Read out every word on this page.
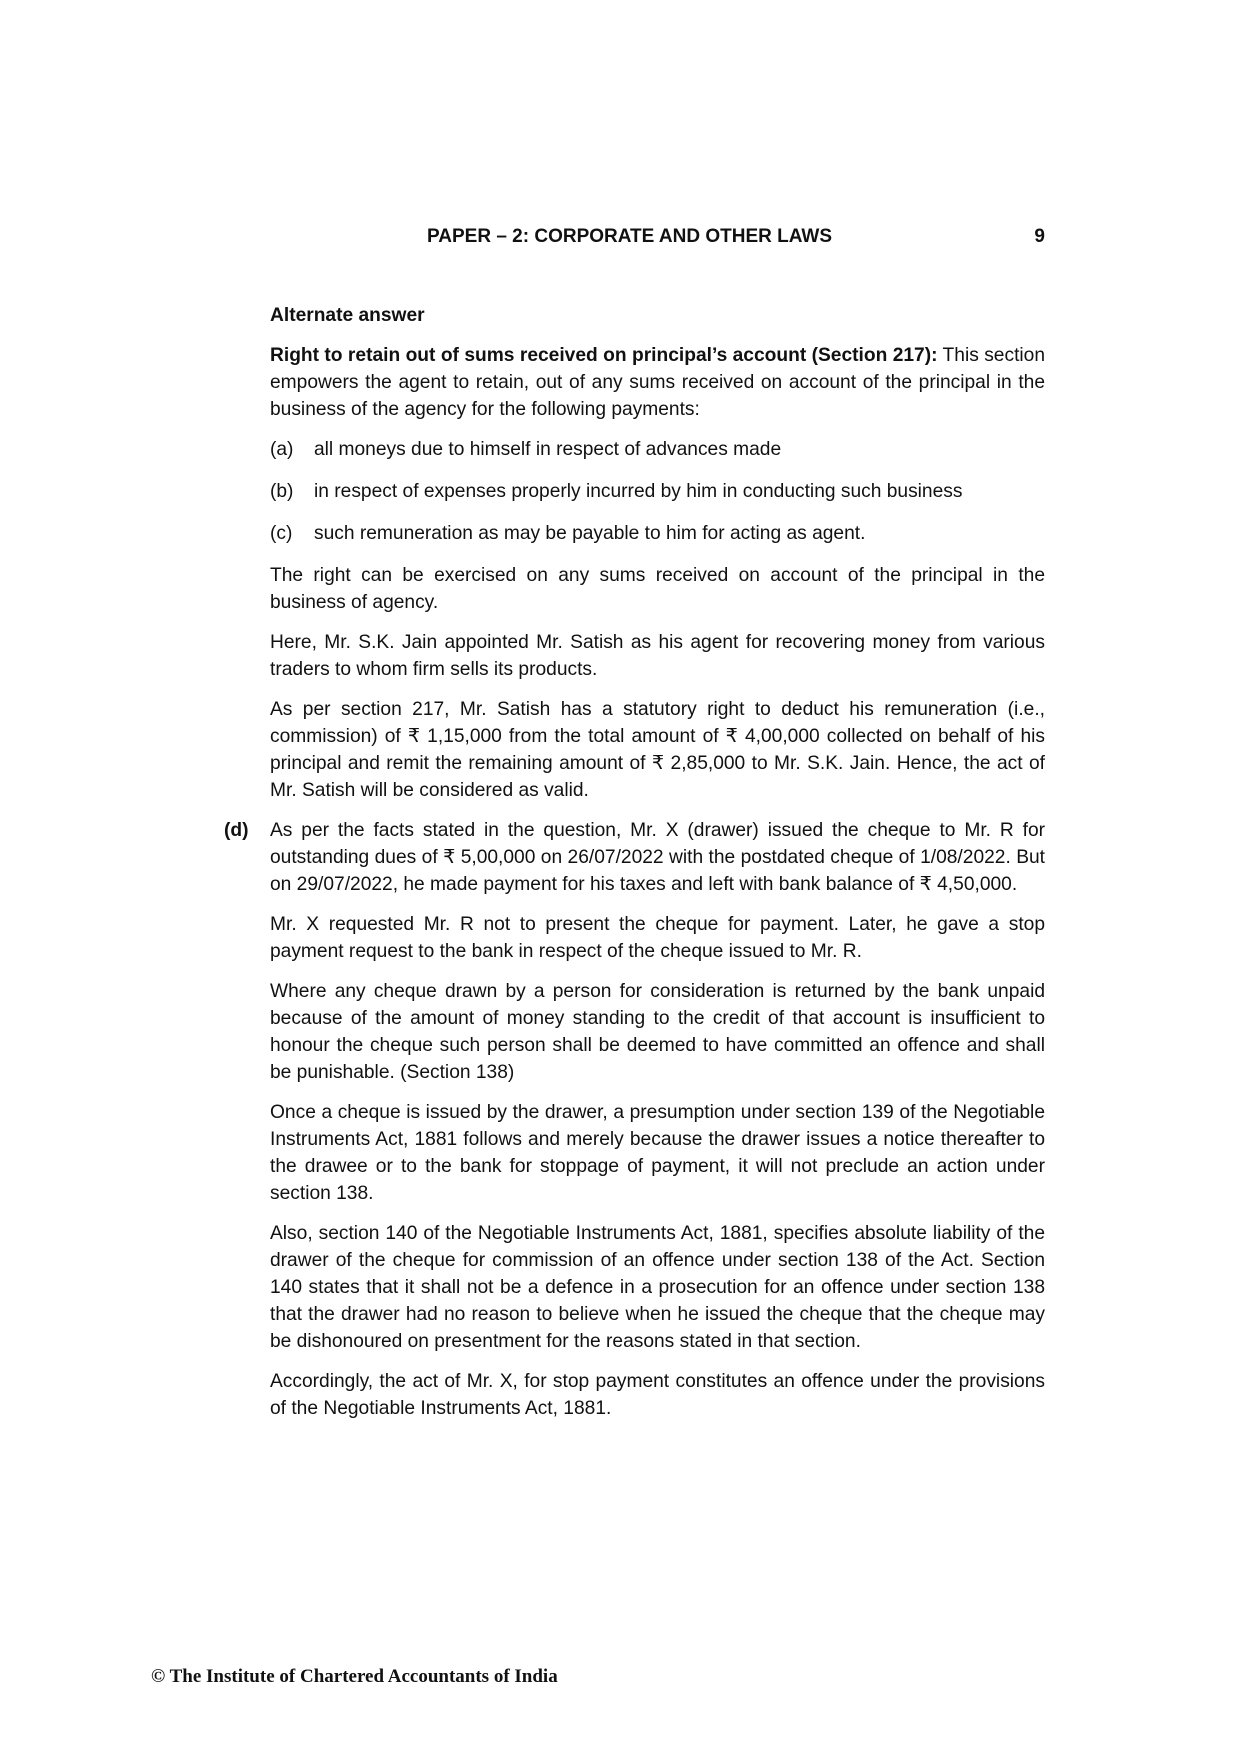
PAPER – 2: CORPORATE AND OTHER LAWS	9

Alternate answer

Right to retain out of sums received on principal’s account (Section 217): This section empowers the agent to retain, out of any sums received on account of the principal in the business of the agency for the following payments:

(a)	all moneys due to himself in respect of advances made
(b)	in respect of expenses properly incurred by him in conducting such business
(c)	such remuneration as may be payable to him for acting as agent.

The right can be exercised on any sums received on account of the principal in the business of agency.

Here, Mr. S.K. Jain appointed Mr. Satish as his agent for recovering money from various traders to whom firm sells its products.

As per section 217, Mr. Satish has a statutory right to deduct his remuneration (i.e., commission) of ₹ 1,15,000 from the total amount of ₹ 4,00,000 collected on behalf of his principal and remit the remaining amount of ₹ 2,85,000 to Mr. S.K. Jain. Hence, the act of Mr. Satish will be considered as valid.

(d) As per the facts stated in the question, Mr. X (drawer) issued the cheque to Mr. R for outstanding dues of ₹ 5,00,000 on 26/07/2022 with the postdated cheque of 1/08/2022. But on 29/07/2022, he made payment for his taxes and left with bank balance of ₹ 4,50,000.

Mr. X requested Mr. R not to present the cheque for payment. Later, he gave a stop payment request to the bank in respect of the cheque issued to Mr. R.

Where any cheque drawn by a person for consideration is returned by the bank unpaid because of the amount of money standing to the credit of that account is insufficient to honour the cheque such person shall be deemed to have committed an offence and shall be punishable. (Section 138)

Once a cheque is issued by the drawer, a presumption under section 139 of the Negotiable Instruments Act, 1881 follows and merely because the drawer issues a notice thereafter to the drawee or to the bank for stoppage of payment, it will not preclude an action under section 138.

Also, section 140 of the Negotiable Instruments Act, 1881, specifies absolute liability of the drawer of the cheque for commission of an offence under section 138 of the Act. Section 140 states that it shall not be a defence in a prosecution for an offence under section 138 that the drawer had no reason to believe when he issued the cheque that the cheque may be dishonoured on presentment for the reasons stated in that section.

Accordingly, the act of Mr. X, for stop payment constitutes an offence under the provisions of the Negotiable Instruments Act, 1881.

© The Institute of Chartered Accountants of India
